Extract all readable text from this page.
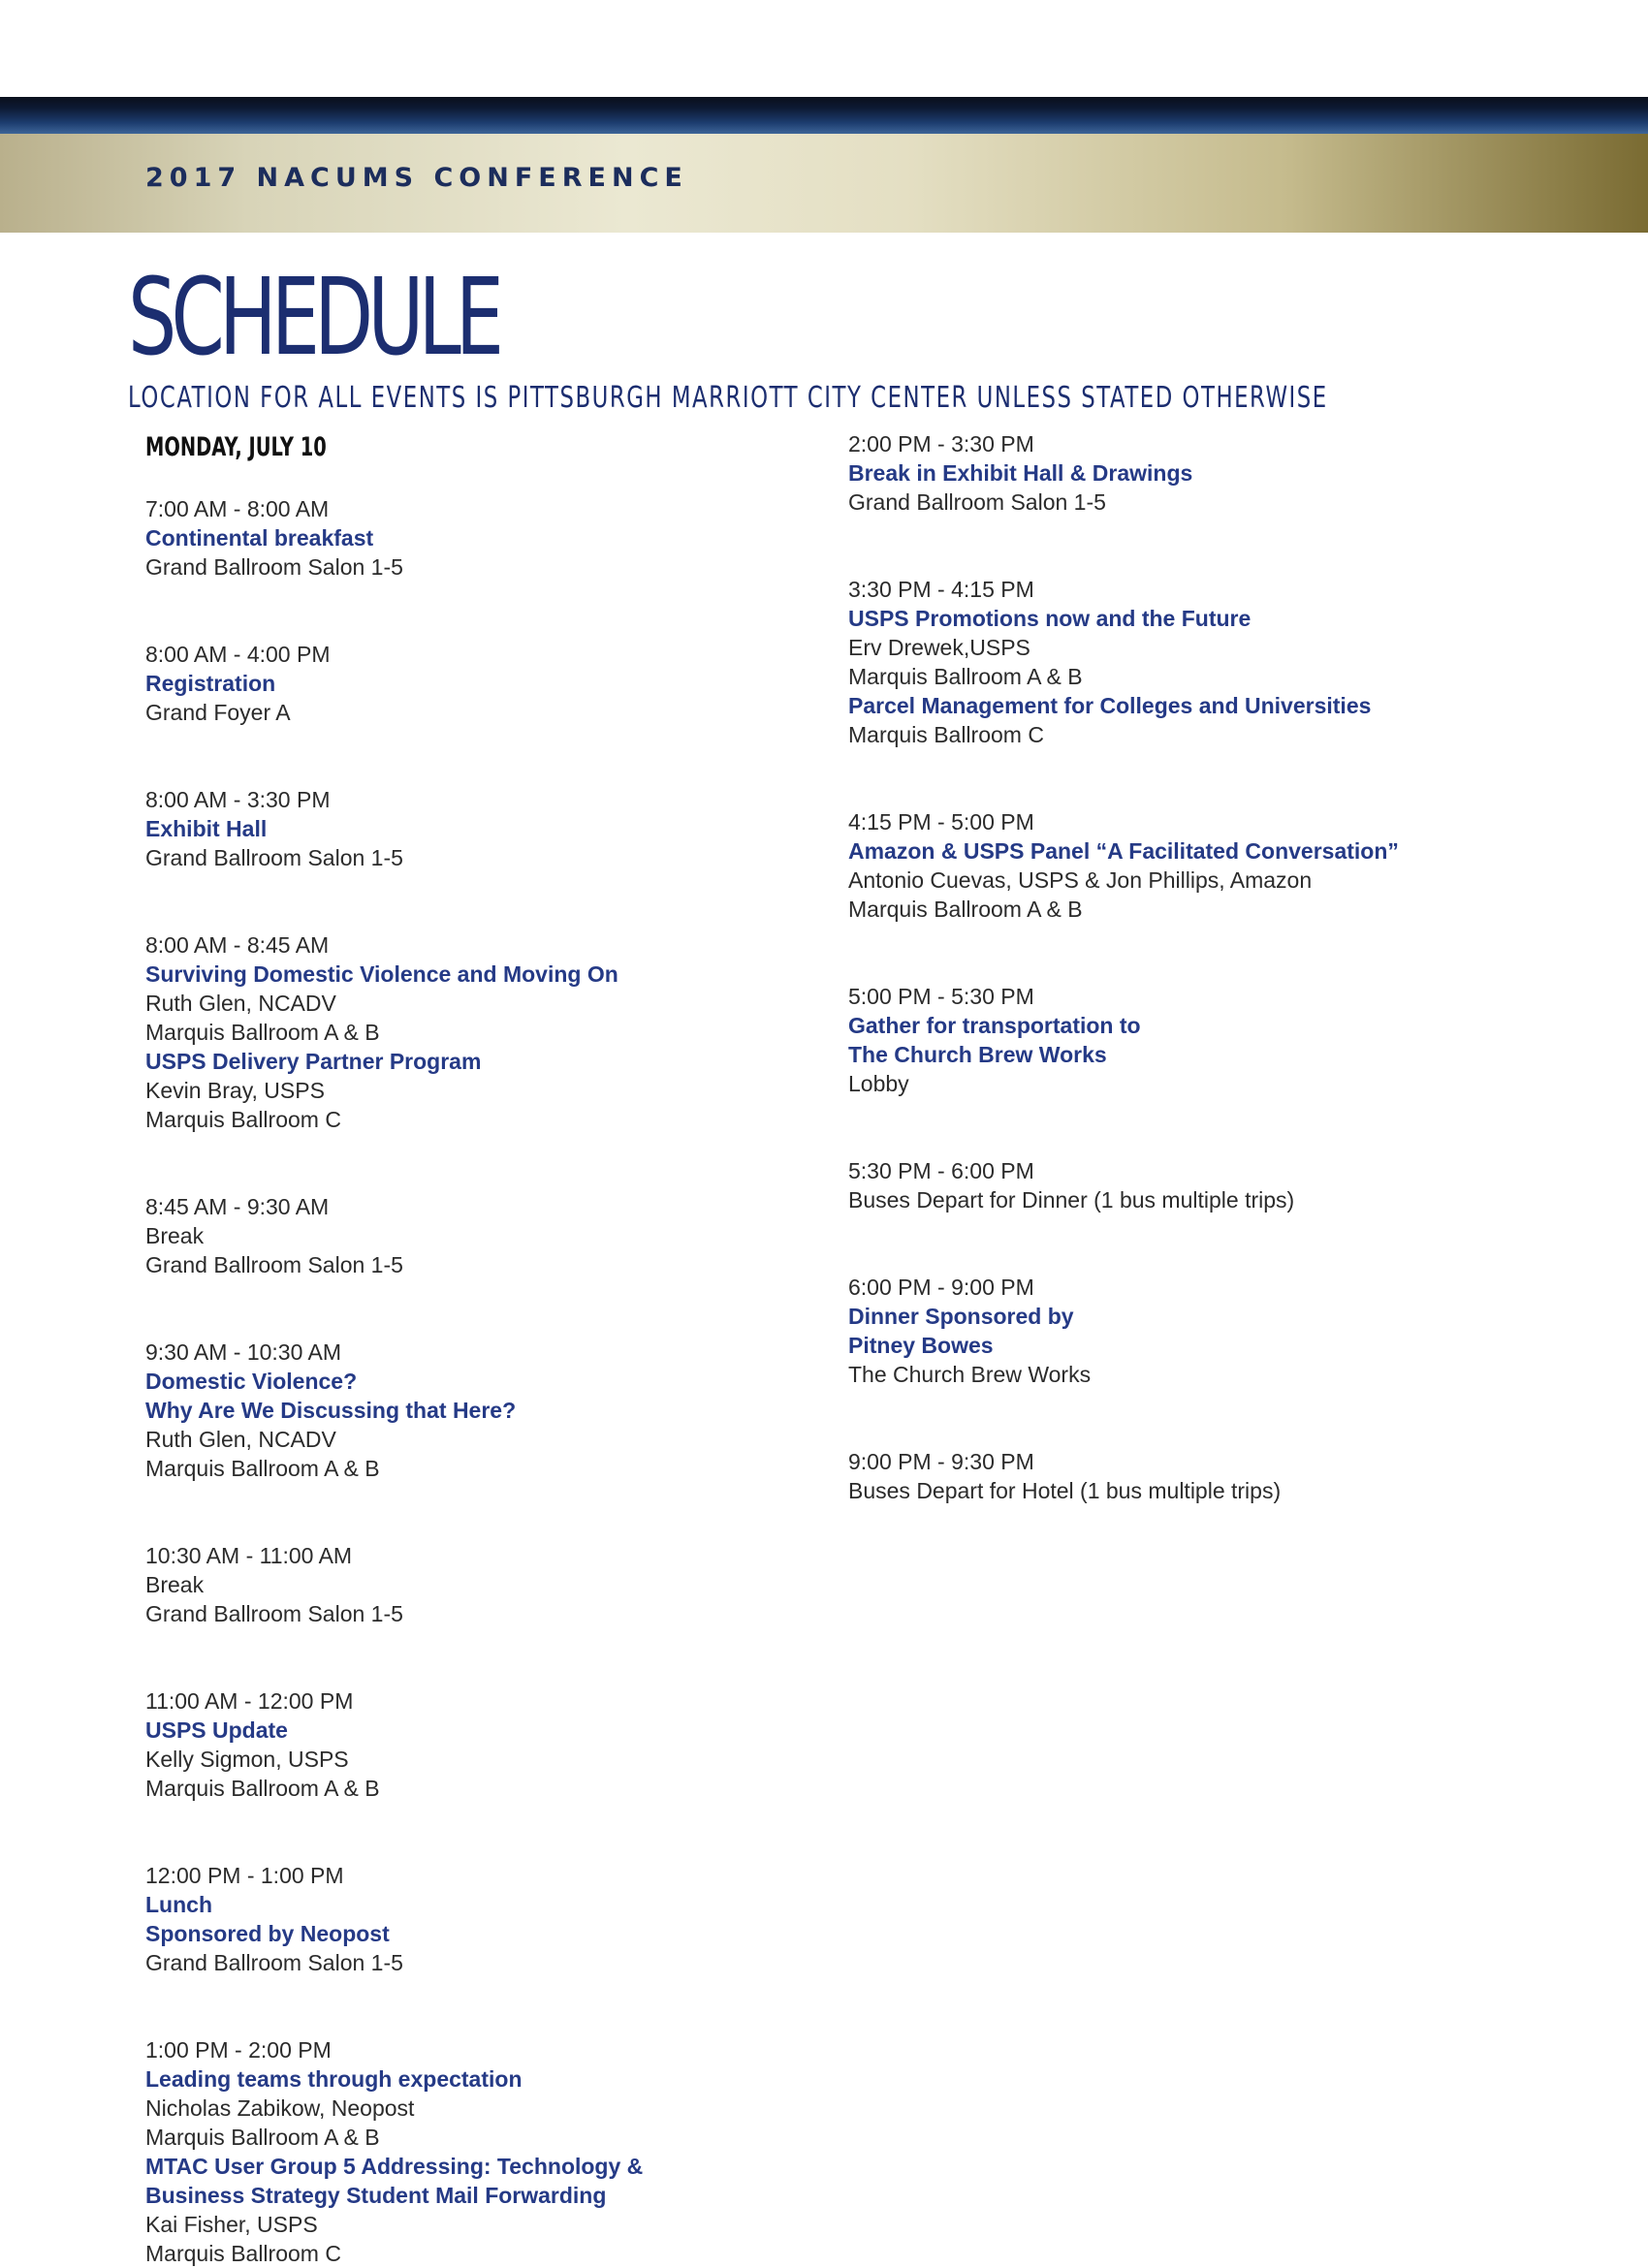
2017 NACUMS CONFERENCE
SCHEDULE
LOCATION FOR ALL EVENTS IS PITTSBURGH MARRIOTT CITY CENTER UNLESS STATED OTHERWISE
MONDAY, JULY 10
7:00 AM - 8:00 AM
Continental breakfast
Grand Ballroom Salon 1-5
8:00 AM - 4:00 PM
Registration
Grand Foyer A
8:00 AM - 3:30 PM
Exhibit Hall
Grand Ballroom Salon 1-5
8:00 AM - 8:45 AM
Surviving Domestic Violence and Moving On
Ruth Glen, NCADV
Marquis Ballroom A & B
USPS Delivery Partner Program
Kevin Bray, USPS
Marquis Ballroom C
8:45 AM - 9:30 AM
Break
Grand Ballroom Salon 1-5
9:30 AM - 10:30 AM
Domestic Violence?
Why Are We Discussing that Here?
Ruth Glen, NCADV
Marquis Ballroom A & B
10:30 AM - 11:00 AM
Break
Grand Ballroom Salon 1-5
11:00 AM - 12:00 PM
USPS Update
Kelly Sigmon, USPS
Marquis Ballroom A & B
12:00 PM - 1:00 PM
Lunch
Sponsored by Neopost
Grand Ballroom Salon 1-5
1:00 PM - 2:00 PM
Leading teams through expectation
Nicholas Zabikow, Neopost
Marquis Ballroom A & B
MTAC User Group 5 Addressing: Technology &
Business Strategy Student Mail Forwarding
Kai Fisher, USPS
Marquis Ballroom C
2:00 PM - 3:30 PM
Break in Exhibit Hall & Drawings
Grand Ballroom Salon 1-5
3:30 PM - 4:15 PM
USPS Promotions now and the Future
Erv Drewek,USPS
Marquis Ballroom A & B
Parcel Management for Colleges and Universities
Marquis Ballroom C
4:15 PM - 5:00 PM
Amazon & USPS Panel “A Facilitated Conversation”
Antonio Cuevas, USPS & Jon Phillips, Amazon
Marquis Ballroom A & B
5:00 PM - 5:30 PM
Gather for transportation to
The Church Brew Works
Lobby
5:30 PM - 6:00 PM
Buses Depart for Dinner (1 bus multiple trips)
6:00 PM - 9:00 PM
Dinner Sponsored by
Pitney Bowes
The Church Brew Works
9:00 PM - 9:30 PM
Buses Depart for Hotel (1 bus multiple trips)
